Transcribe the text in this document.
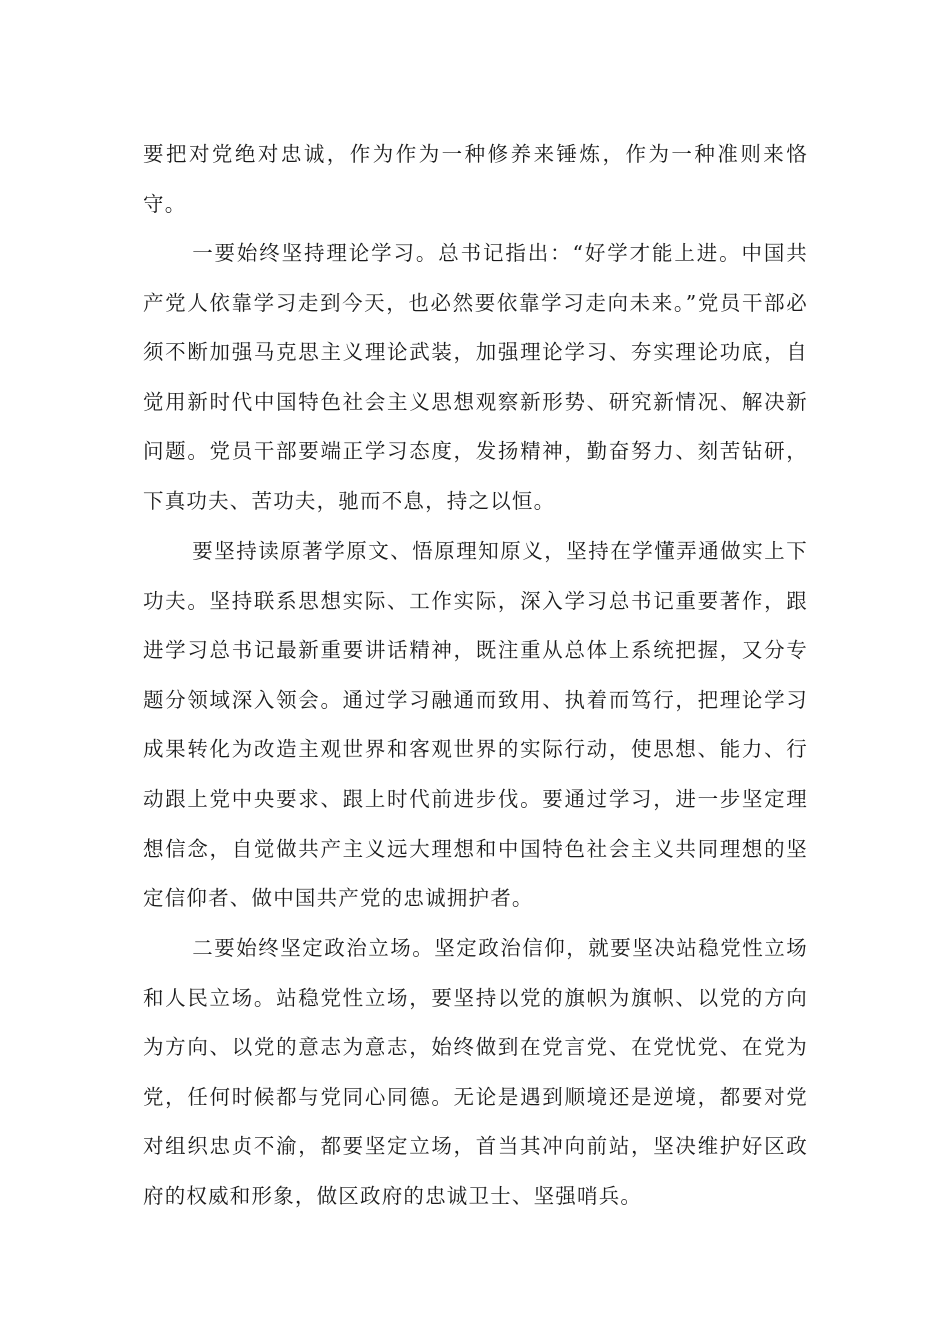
要把对党绝对忠诚，作为作为一种修养来锤炼，作为一种准则来恪守。

一要始终坚持理论学习。总书记指出：“好学才能上进。中国共产党人依靠学习走到今天，也必然要依靠学习走向未来。”党员干部必须不断加强马克思主义理论武装，加强理论学习、夯实理论功底，自觉用新时代中国特色社会主义思想观察新形势、研究新情况、解决新问题。党员干部要端正学习态度，发扬精神，勤奋努力、刻苦钻研，下真功夫、苦功夫，驰而不息，持之以恒。

要坚持读原著学原文、悟原理知原义，坚持在学懂弄通做实上下功夫。坚持联系思想实际、工作实际，深入学习总书记重要著作，跟进学习总书记最新重要讲话精神，既注重从总体上系统把握，又分专题分领域深入领会。通过学习融通而致用、执着而笃行，把理论学习成果转化为改造主观世界和客观世界的实际行动，使思想、能力、行动跟上党中央要求、跟上时代前进步伐。要通过学习，进一步坚定理想信念，自觉做共产主义远大理想和中国特色社会主义共同理想的坚定信仰者、做中国共产党的忠诚拥护者。

二要始终坚定政治立场。坚定政治信仰，就要坚决站稳党性立场和人民立场。站稳党性立场，要坚持以党的旗帜为旗帜、以党的方向为方向、以党的意志为意志，始终做到在党言党、在党忧党、在党为党，任何时候都与党同心同德。无论是遇到顺境还是逆境，都要对党对组织忠贞不渝，都要坚定立场，首当其冲向前站，坚决维护好区政府的权威和形象，做区政府的忠诚卫士、坚强哨兵。
